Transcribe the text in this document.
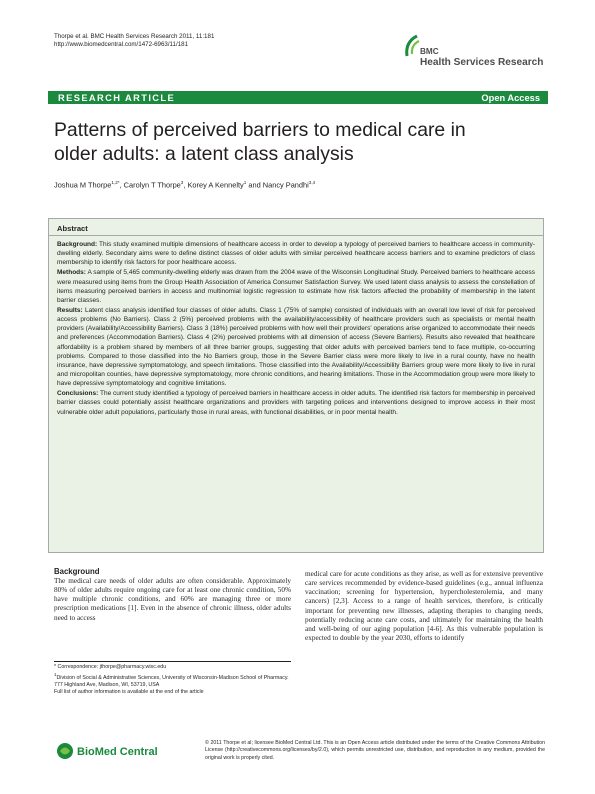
Thorpe et al. BMC Health Services Research 2011, 11:181
http://www.biomedcentral.com/1472-6963/11/181
BMC
Health Services Research
RESEARCH ARTICLE	Open Access
Patterns of perceived barriers to medical care in
older adults: a latent class analysis
Joshua M Thorpe$^{1,2*}$, Carolyn T Thorpe$^3$, Korey A Kennelty$^1$ and Nancy Pandhi$^{3,4}$
Abstract

Background: This study examined multiple dimensions of healthcare access in order to develop a typology of perceived barriers to healthcare access in community-dwelling elderly. Secondary aims were to define distinct classes of older adults with similar perceived healthcare access barriers and to examine predictors of class membership to identify risk factors for poor healthcare access.

Methods: A sample of 5,465 community-dwelling elderly was drawn from the 2004 wave of the Wisconsin Longitudinal Study. Perceived barriers to healthcare access were measured using items from the Group Health Association of America Consumer Satisfaction Survey. We used latent class analysis to assess the constellation of items measuring perceived barriers in access and multinomial logistic regression to estimate how risk factors affected the probability of membership in the latent barrier classes.

Results: Latent class analysis identified four classes of older adults. Class 1 (75% of sample) consisted of individuals with an overall low level of risk for perceived access problems (No Barriers). Class 2 (5%) perceived problems with the availability/accessibility of healthcare providers such as specialists or mental health providers (Availability/Accessibility Barriers). Class 3 (18%) perceived problems with how well their providers' operations arise organized to accommodate their needs and preferences (Accommodation Barriers). Class 4 (2%) perceived problems with all dimension of access (Severe Barriers). Results also revealed that healthcare affordability is a problem shared by members of all three barrier groups, suggesting that older adults with perceived barriers tend to face multiple, co-occurring problems. Compared to those classified into the No Barriers group, those in the Severe Barrier class were more likely to live in a rural county, have no health insurance, have depressive symptomatology, and speech limitations. Those classified into the Availability/Accessibility Barriers group were more likely to live in rural and micropolitan counties, have depressive symptomatology, more chronic conditions, and hearing limitations. Those in the Accommodation group were more likely to have depressive symptomatology and cognitive limitations.

Conclusions: The current study identified a typology of perceived barriers in healthcare access in older adults. The identified risk factors for membership in perceived barrier classes could potentially assist healthcare organizations and providers with targeting polices and interventions designed to improve access in their most vulnerable older adult populations, particularly those in rural areas, with functional disabilities, or in poor mental health.

Background

The medical care needs of older adults are often considerable. Approximately 80% of older adults require ongoing care for at least one chronic condition, 50% have multiple chronic conditions, and 60% are managing three or more prescription medications [1]. Even in the absence of chronic illness, older adults need to access

medical care for acute conditions as they arise, as well as for extensive preventive care services recommended by evidence-based guidelines (e.g., annual influenza vaccination; screening for hypertension, hypercholesterolemia, and many cancers) [2,3]. Access to a range of health services, therefore, is critically important for preventing new illnesses, adapting therapies to changing needs, potentially reducing acute care costs, and ultimately for maintaining the health and well-being of our aging population [4-6]. As this vulnerable population is expected to double by the year 2030, efforts to identify

* Correspondence: jthorpe@pharmacy.wisc.edu

$^1$Division of Social & Administrative Sciences, University of Wisconsin-Madison School of Pharmacy. 777 Highland Ave, Madison, WI, 53719, USA

Full list of author information is available at the end of the article

BioMed Central
© 2011 Thorpe et al; licensee BioMed Central Ltd. This is an Open Access article distributed under the terms of the Creative Commons Attribution License (http://creativecommons.org/licenses/by/2.0), which permits unrestricted use, distribution, and reproduction in any medium, provided the original work is properly cited.
